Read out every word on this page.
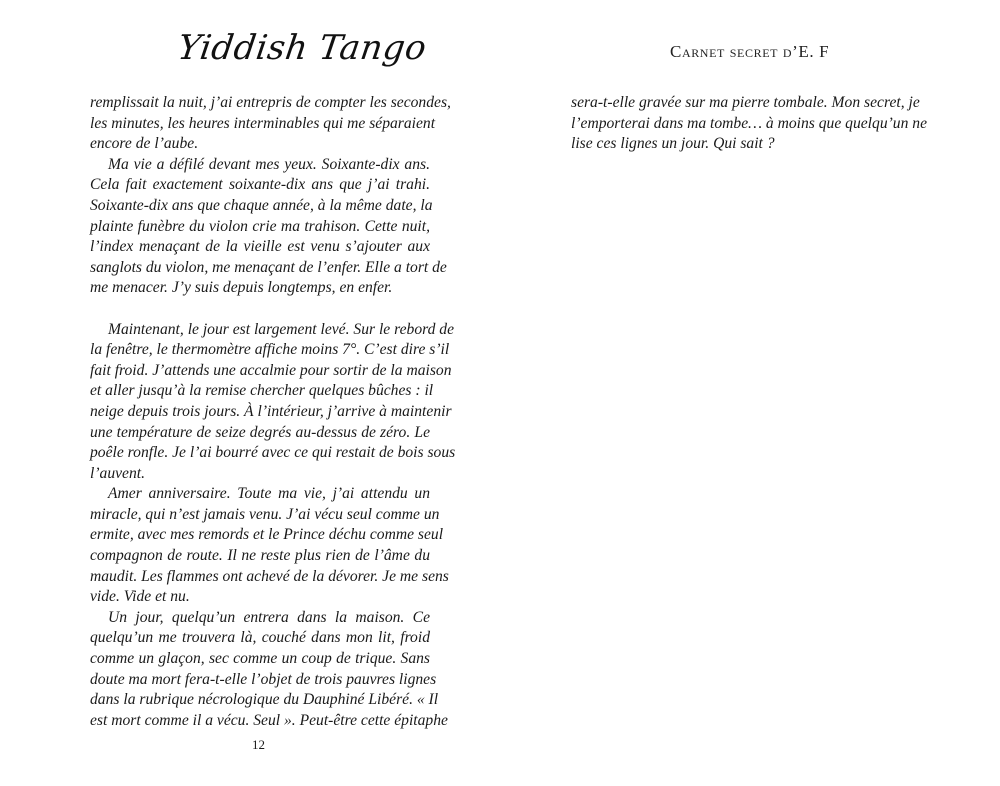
Yiddish Tango	Carnet secret d’E. F
remplissait la nuit, j’ai entrepris de compter les secondes,
les minutes, les heures interminables qui me séparaient
encore de l’aube.
Ma vie a défilé devant mes yeux. Soixante-dix ans.
Cela fait exactement soixante-dix ans que j’ai trahi.
Soixante-dix ans que chaque année, à la même date, la
plainte funèbre du violon crie ma trahison. Cette nuit,
l’index menaçant de la vieille est venu s’ajouter aux
sanglots du violon, me menaçant de l’enfer. Elle a tort de
me menacer. J’y suis depuis longtemps, en enfer.
Maintenant, le jour est largement levé. Sur le rebord de
la fenêtre, le thermomètre affiche moins 7°. C’est dire s’il
fait froid. J’attends une accalmie pour sortir de la maison
et aller jusqu’à la remise chercher quelques bûches : il
neige depuis trois jours. À l’intérieur, j’arrive à maintenir
une température de seize degrés au-dessus de zéro. Le
poêle ronfle. Je l’ai bourré avec ce qui restait de bois sous
l’auvent.
Amer anniversaire. Toute ma vie, j’ai attendu un
miracle, qui n’est jamais venu. J’ai vécu seul comme un
ermite, avec mes remords et le Prince déchu comme seul
compagnon de route. Il ne reste plus rien de l’âme du
maudit. Les flammes ont achevé de la dévorer. Je me sens
vide. Vide et nu.
Un jour, quelqu’un entrera dans la maison. Ce
quelqu’un me trouvera là, couché dans mon lit, froid
comme un glaçon, sec comme un coup de trique. Sans
doute ma mort fera-t-elle l’objet de trois pauvres lignes
dans la rubrique nécrologique du Dauphiné Libéré. « Il
est mort comme il a vécu. Seul ». Peut-être cette épitaphe
sera-t-elle gravée sur ma pierre tombale. Mon secret, je
l’emporterai dans ma tombe… à moins que quelqu’un ne
lise ces lignes un jour. Qui sait ?
12
